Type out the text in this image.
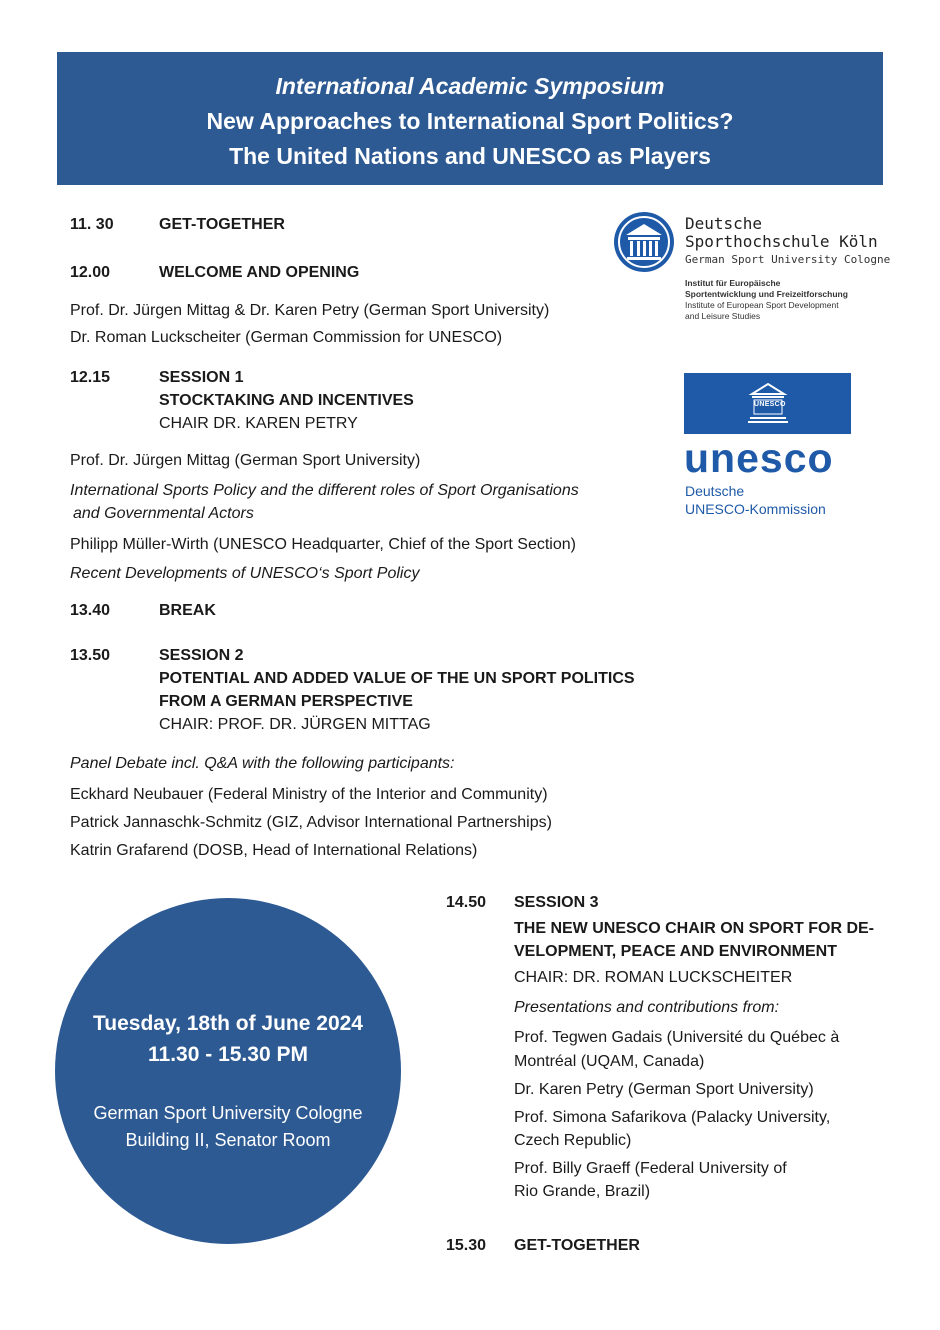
International Academic Symposium
New Approaches to International Sport Politics?
The United Nations and UNESCO as Players
Deutsche
Sporthochschule Köln
German Sport University Cologne
Institut für Europäische
Sportentwicklung und Freizeitforschung
Institute of European Sport Development
and Leisure Studies
UNESCO
unesco
Deutsche
UNESCO-Kommission
11. 30	GET-TOGETHER
12.00	WELCOME AND OPENING
Prof. Dr. Jürgen Mittag & Dr. Karen Petry (German Sport University)
Dr. Roman Luckscheiter (German Commission for UNESCO)
12.15	SESSION 1
STOCKTAKING AND INCENTIVES
CHAIR DR. KAREN PETRY
Prof. Dr. Jürgen Mittag (German Sport University)
International Sports Policy and the different roles of Sport Organisations
and Governmental Actors
Philipp Müller-Wirth (UNESCO Headquarter, Chief of the Sport Section)
Recent Developments of UNESCO‘s Sport Policy
13.40	BREAK
13.50	SESSION 2
POTENTIAL AND ADDED VALUE OF THE UN SPORT POLITICS
FROM A GERMAN PERSPECTIVE
CHAIR: PROF. DR. JÜRGEN MITTAG
Panel Debate incl. Q&A with the following participants:
Eckhard Neubauer (Federal Ministry of the Interior and Community)
Patrick Jannaschk-Schmitz (GIZ, Advisor International Partnerships)
Katrin Grafarend (DOSB, Head of International Relations)
14.50 SESSION 3
THE NEW UNESCO CHAIR ON SPORT FOR DE-
VELOPMENT, PEACE AND ENVIRONMENT
CHAIR: DR. ROMAN LUCKSCHEITER
Presentations and contributions from:
Prof. Tegwen Gadais (Université du Québec à
Montréal (UQAM, Canada)
Dr. Karen Petry (German Sport University)
Prof. Simona Safarikova (Palacky University,
Czech Republic)
Prof. Billy Graeff (Federal University of
Rio Grande, Brazil)
15.30 GET-TOGETHER
Tuesday, 18th of June 2024
11.30 - 15.30 PM
German Sport University Cologne
Building II, Senator Room
